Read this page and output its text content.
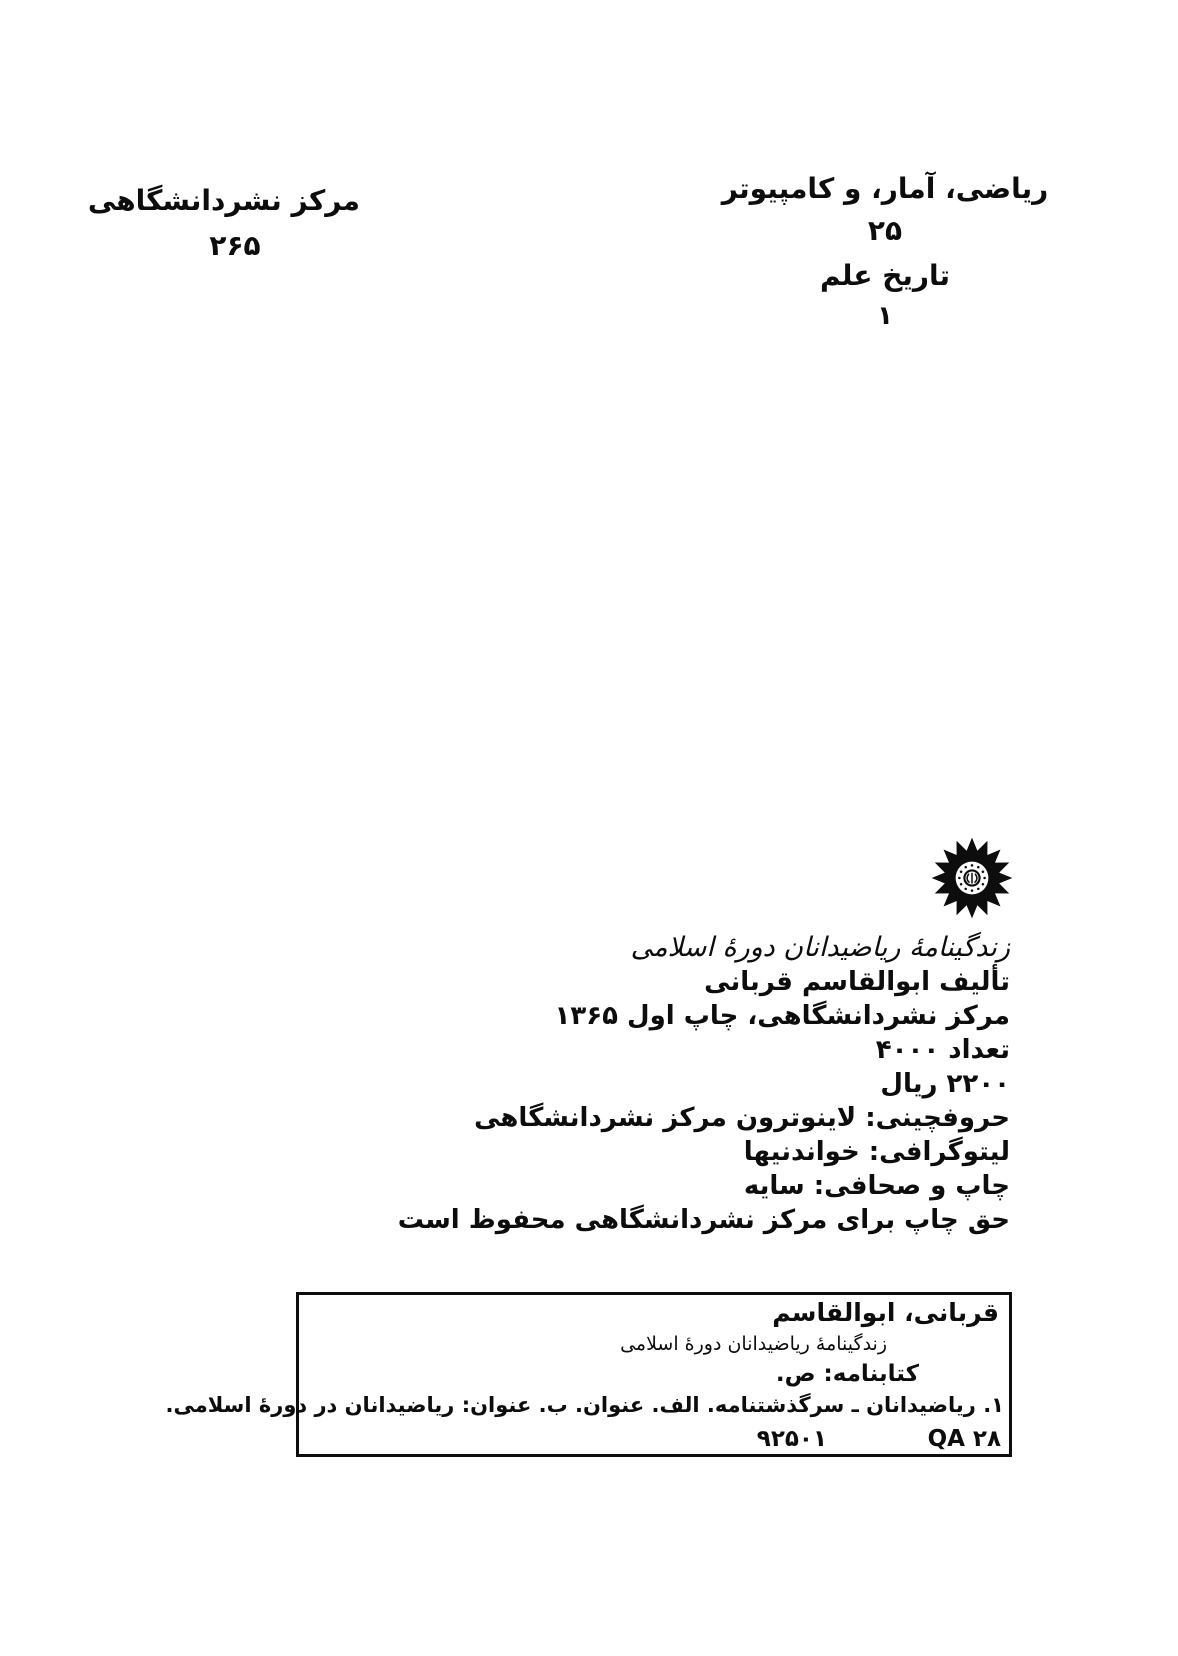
ریاضی، آمار، و کامپیوتر
۲۵
تاریخ علم
۱
مرکز نشردانشگاهی
۲۶۵
زندگینامهٔ ریاضیدانان دورهٔ اسلامی
تألیف ابوالقاسم قربانی
مرکز نشردانشگاهی، چاپ اول ۱۳۶۵
تعداد ۴۰۰۰
۲۲۰۰ ریال
حروفچینی: لاینوترون مرکز نشردانشگاهی
لیتوگرافی: خواندنیها
چاپ و صحافی: سایه
حق چاپ برای مرکز نشردانشگاهی محفوظ است
قربانی، ابوالقاسم
زندگینامهٔ ریاضیدانان دورهٔ اسلامی
کتابنامه: ص.
۱. ریاضیدانان ـ سرگذشتنامه. الف. عنوان. ب. عنوان: ریاضیدانان در دورهٔ اسلامی.
QA ۲۸
۹۲۵۰۱
